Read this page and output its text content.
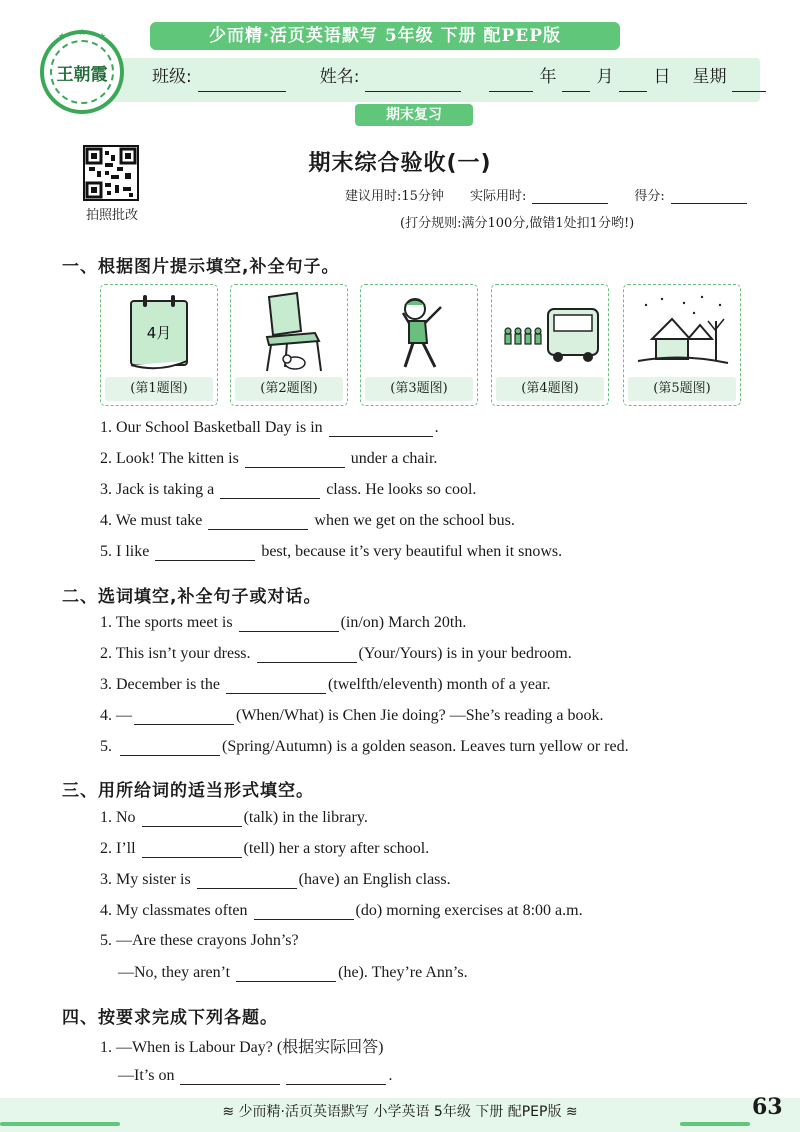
少而精·活页英语默写 5年级 下册 配PEP版
班级:	姓名:	年 月 日 星期
期末复习
★ ★ ★
王朝霞
拍照批改
期末综合验收(一)
建议用时:15分钟 实际用时:	得分:
(打分规则:满分100分,做错1处扣1分哟!)
一、根据图片提示填空,补全句子。
4月
(第1题图)	(第2题图)	(第3题图)	(第4题图)	(第5题图)
1. Our School Basketball Day is in	.
2. Look! The kitten is	under a chair.
3. Jack is taking a	class. He looks so cool.
4. We must take	when we get on the school bus.
5. I like	best, because it’s very beautiful when it snows.
二、选词填空,补全句子或对话。
1. The sports meet is	(in/on) March 20th.
2. This isn’t your dress.	(Your/Yours) is in your bedroom.
3. December is the	(twelfth/eleventh) month of a year.
4. —	(When/What) is Chen Jie doing? —She’s reading a book.
5.	(Spring/Autumn) is a golden season. Leaves turn yellow or red.
三、用所给词的适当形式填空。
1. No	(talk) in the library.
2. I’ll	(tell) her a story after school.
3. My sister is	(have) an English class.
4. My classmates often	(do) morning exercises at 8:00 a.m.
5. —Are these crayons John’s?
—No, they aren’t	(he). They’re Ann’s.
四、按要求完成下列各题。
1. —When is Labour Day? (根据实际回答)
—It’s on	.
≋ 少而精·活页英语默写 小学英语 5年级 下册 配PEP版 ≋	63
